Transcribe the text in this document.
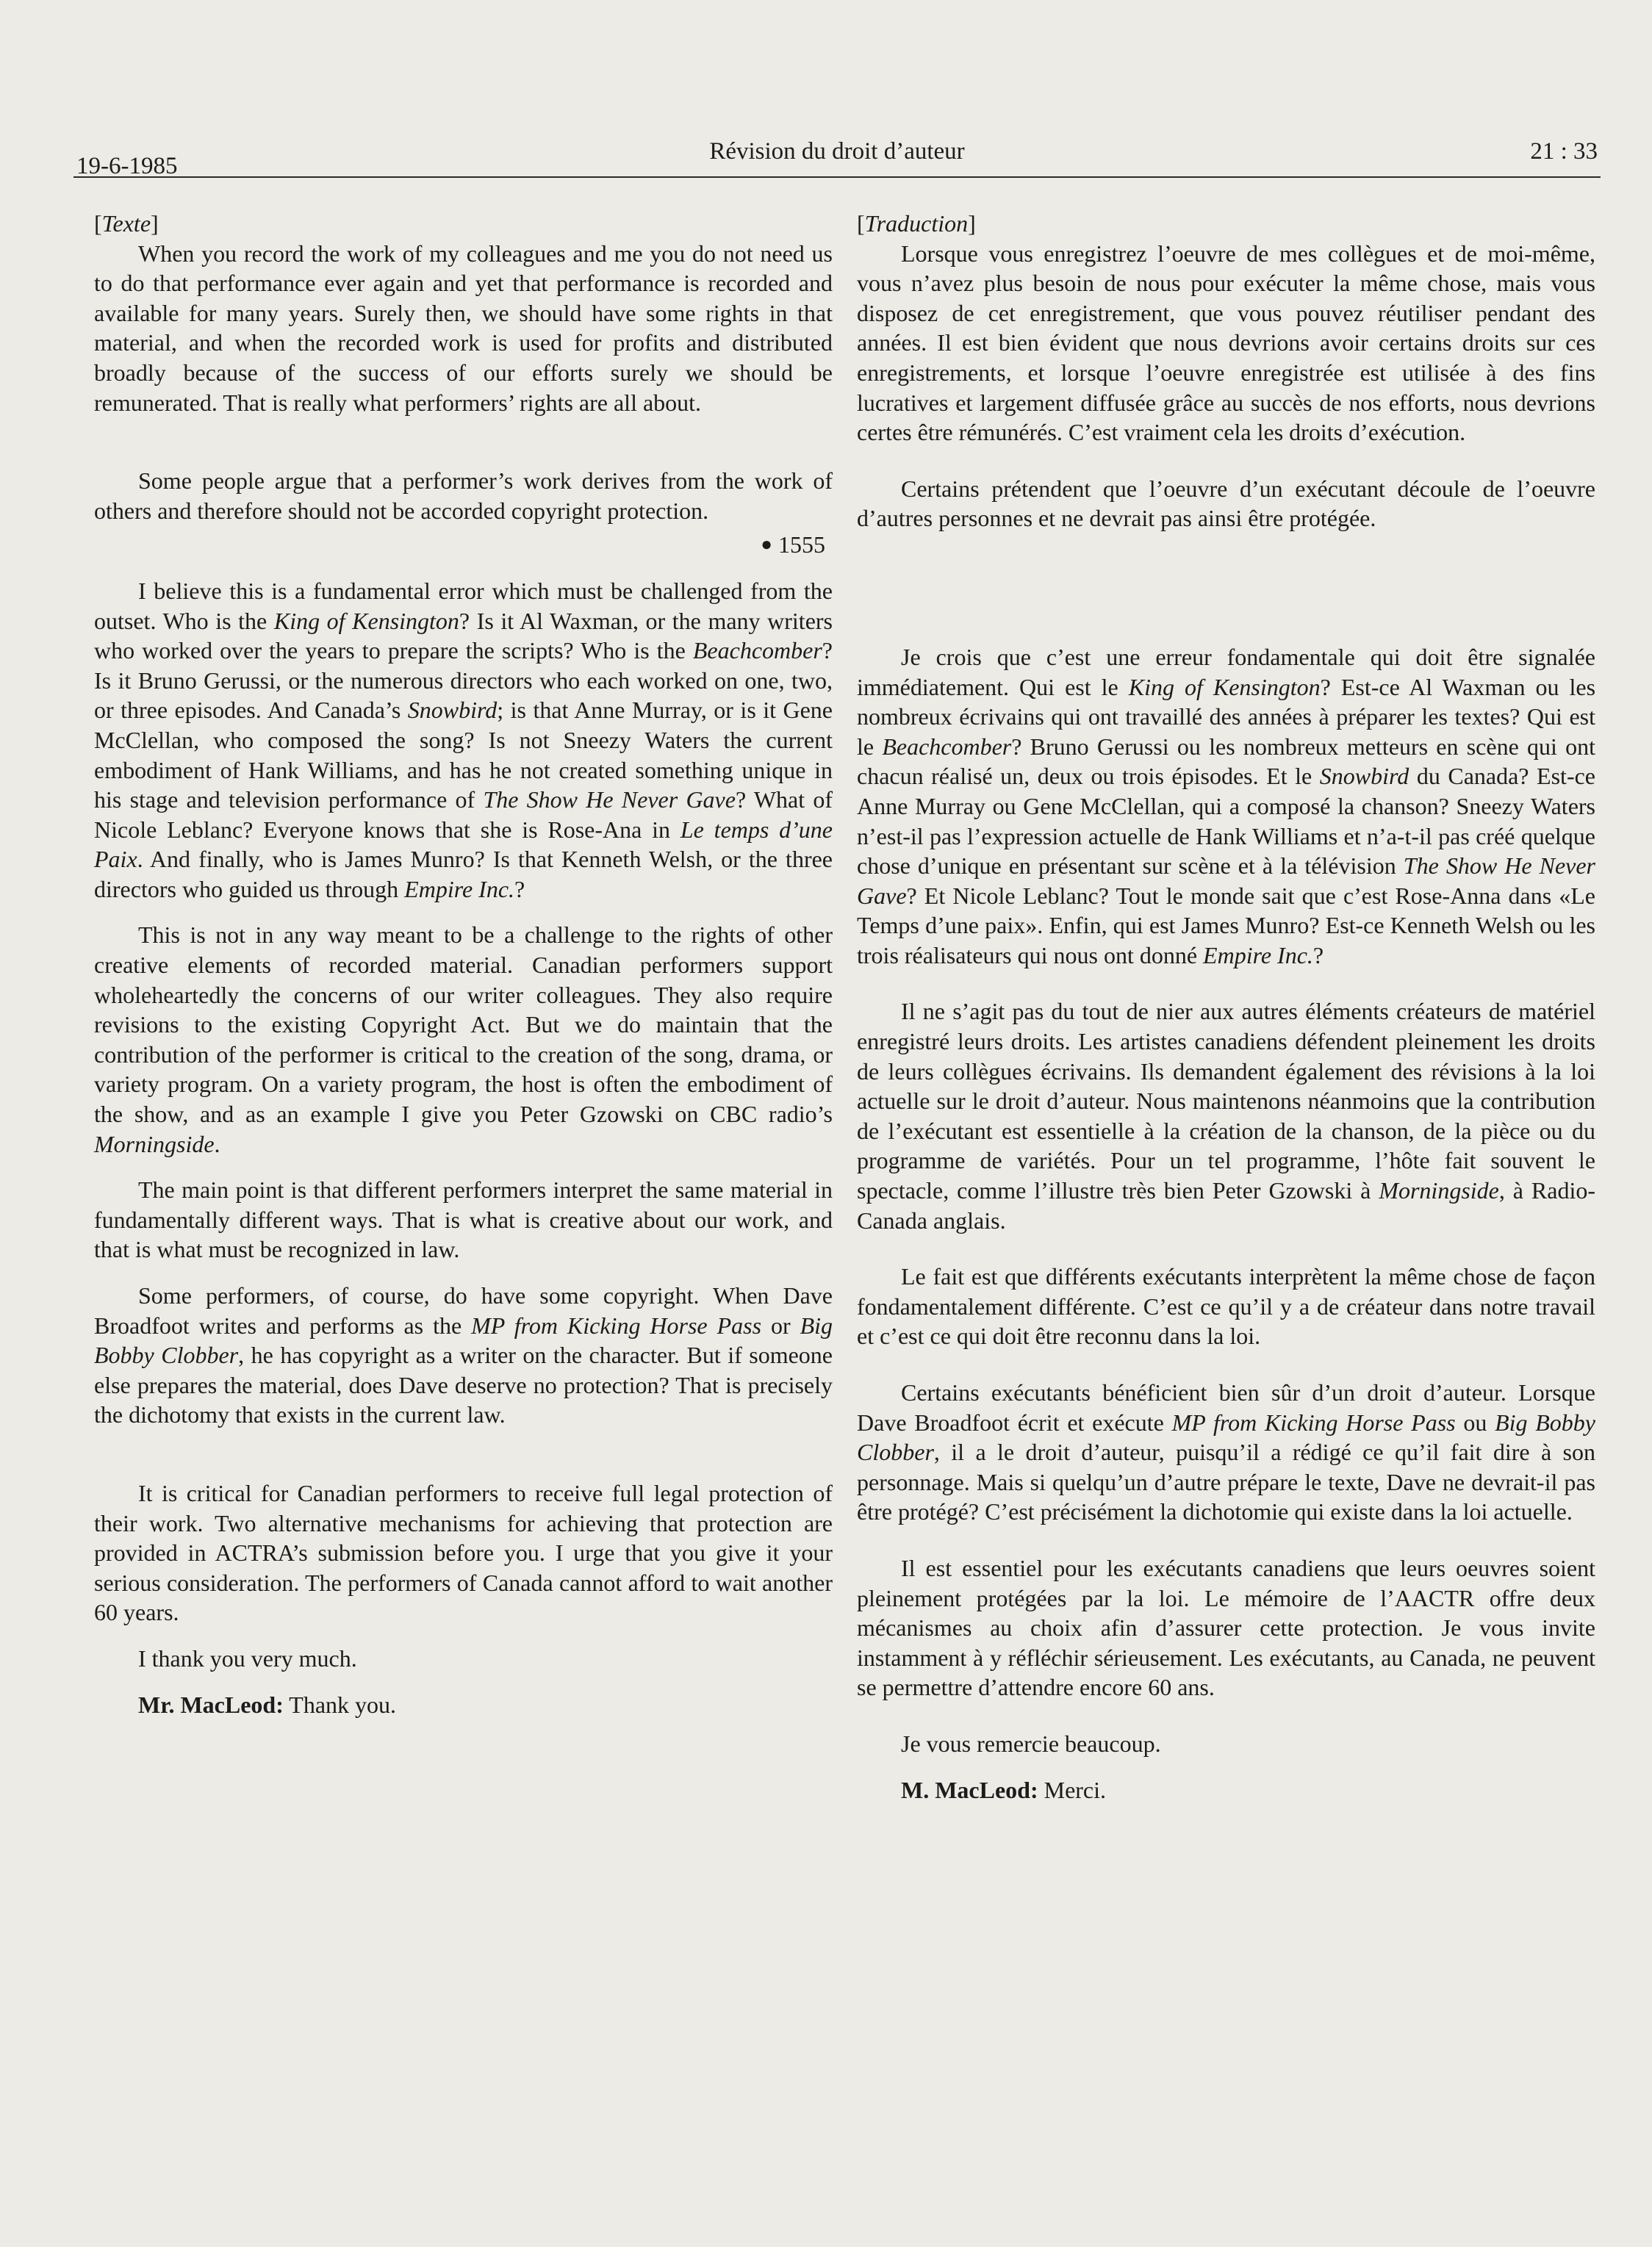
19-6-1985
Révision du droit d’auteur	21 : 33

[Texte]

When you record the work of my colleagues and me you do not need us to do that performance ever again and yet that performance is recorded and available for many years. Surely then, we should have some rights in that material, and when the recorded work is used for profits and distributed broadly because of the success of our efforts surely we should be remunerated. That is really what performers’ rights are all about.

Some people argue that a performer’s work derives from the work of others and therefore should not be accorded copyright protection.

● 1555

I believe this is a fundamental error which must be challenged from the outset. Who is the King of Kensington? Is it Al Waxman, or the many writers who worked over the years to prepare the scripts? Who is the Beachcomber? Is it Bruno Gerussi, or the numerous directors who each worked on one, two, or three episodes. And Canada’s Snowbird; is that Anne Murray, or is it Gene McClellan, who composed the song? Is not Sneezy Waters the current embodiment of Hank Williams, and has he not created something unique in his stage and television performance of The Show He Never Gave? What of Nicole Leblanc? Everyone knows that she is Rose-Ana in Le temps d’une Paix. And finally, who is James Munro? Is that Kenneth Welsh, or the three directors who guided us through Empire Inc.?

This is not in any way meant to be a challenge to the rights of other creative elements of recorded material. Canadian performers support wholeheartedly the concerns of our writer colleagues. They also require revisions to the existing Copyright Act. But we do maintain that the contribution of the performer is critical to the creation of the song, drama, or variety program. On a variety program, the host is often the embodiment of the show, and as an example I give you Peter Gzowski on CBC radio’s Morningside.

The main point is that different performers interpret the same material in fundamentally different ways. That is what is creative about our work, and that is what must be recognized in law.

Some performers, of course, do have some copyright. When Dave Broadfoot writes and performs as the MP from Kicking Horse Pass or Big Bobby Clobber, he has copyright as a writer on the character. But if someone else prepares the material, does Dave deserve no protection? That is precisely the dichotomy that exists in the current law.

It is critical for Canadian performers to receive full legal protection of their work. Two alternative mechanisms for achieving that protection are provided in ACTRA’s submission before you. I urge that you give it your serious consideration. The performers of Canada cannot afford to wait another 60 years.

I thank you very much.

Mr. MacLeod: Thank you.

[Traduction]

Lorsque vous enregistrez l’oeuvre de mes collègues et de moi-même, vous n’avez plus besoin de nous pour exécuter la même chose, mais vous disposez de cet enregistrement, que vous pouvez réutiliser pendant des années. Il est bien évident que nous devrions avoir certains droits sur ces enregistrements, et lorsque l’oeuvre enregistrée est utilisée à des fins lucratives et largement diffusée grâce au succès de nos efforts, nous devrions certes être rémunérés. C’est vraiment cela les droits d’exécution.

Certains prétendent que l’oeuvre d’un exécutant découle de l’oeuvre d’autres personnes et ne devrait pas ainsi être protégée.

Je crois que c’est une erreur fondamentale qui doit être signalée immédiatement. Qui est le King of Kensington? Est-ce Al Waxman ou les nombreux écrivains qui ont travaillé des années à préparer les textes? Qui est le Beachcomber? Bruno Gerussi ou les nombreux metteurs en scène qui ont chacun réalisé un, deux ou trois épisodes. Et le Snowbird du Canada? Est-ce Anne Murray ou Gene McClellan, qui a composé la chanson? Sneezy Waters n’est-il pas l’expression actuelle de Hank Williams et n’a-t-il pas créé quelque chose d’unique en présentant sur scène et à la télévision The Show He Never Gave? Et Nicole Leblanc? Tout le monde sait que c’est Rose-Anna dans «Le Temps d’une paix». Enfin, qui est James Munro? Est-ce Kenneth Welsh ou les trois réalisateurs qui nous ont donné Empire Inc.?

Il ne s’agit pas du tout de nier aux autres éléments créateurs de matériel enregistré leurs droits. Les artistes canadiens défendent pleinement les droits de leurs collègues écrivains. Ils demandent également des révisions à la loi actuelle sur le droit d’auteur. Nous maintenons néanmoins que la contribution de l’exécutant est essentielle à la création de la chanson, de la pièce ou du programme de variétés. Pour un tel programme, l’hôte fait souvent le spectacle, comme l’illustre très bien Peter Gzowski à Morningside, à Radio-Canada anglais.

Le fait est que différents exécutants interprètent la même chose de façon fondamentalement différente. C’est ce qu’il y a de créateur dans notre travail et c’est ce qui doit être reconnu dans la loi.

Certains exécutants bénéficient bien sûr d’un droit d’auteur. Lorsque Dave Broadfoot écrit et exécute MP from Kicking Horse Pass ou Big Bobby Clobber, il a le droit d’auteur, puisqu’il a rédigé ce qu’il fait dire à son personnage. Mais si quelqu’un d’autre prépare le texte, Dave ne devrait-il pas être protégé? C’est précisément la dichotomie qui existe dans la loi actuelle.

Il est essentiel pour les exécutants canadiens que leurs oeuvres soient pleinement protégées par la loi. Le mémoire de l’AACTR offre deux mécanismes au choix afin d’assurer cette protection. Je vous invite instamment à y réfléchir sérieusement. Les exécutants, au Canada, ne peuvent se permettre d’attendre encore 60 ans.

Je vous remercie beaucoup.

M. MacLeod: Merci.
